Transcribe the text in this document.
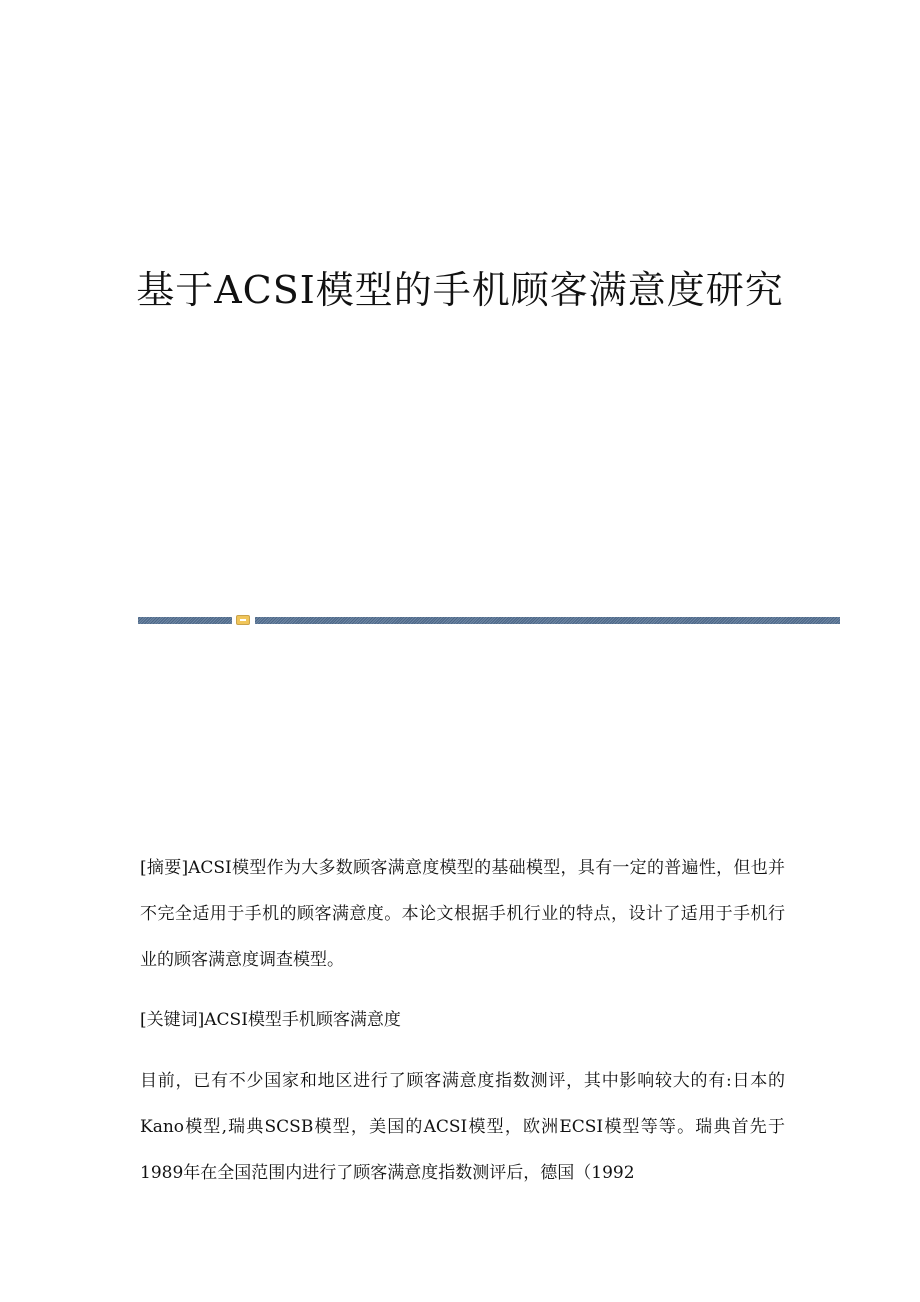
基于ACSI模型的手机顾客满意度研究

[摘要]ACSI模型作为大多数顾客满意度模型的基础模型，具有一定的普遍性，但也并不完全适用于手机的顾客满意度。本论文根据手机行业的特点，设计了适用于手机行业的顾客满意度调查模型。

[关键词]ACSI模型手机顾客满意度

目前，已有不少国家和地区进行了顾客满意度指数测评，其中影响较大的有:日本的Kano模型,瑞典SCSB模型，美国的ACSI模型，欧洲ECSI模型等等。瑞典首先于1989年在全国范围内进行了顾客满意度指数测评后，德国（1992
